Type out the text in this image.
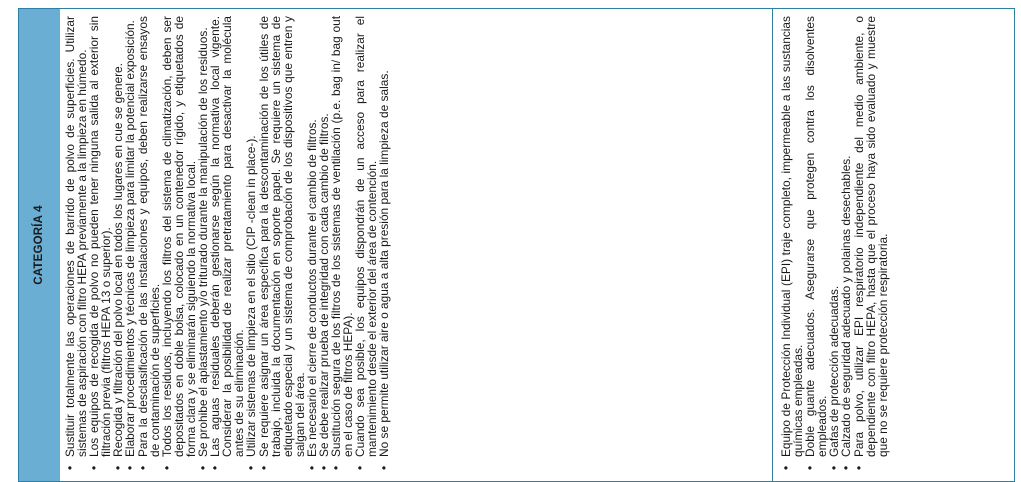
CATEGORÍA 4 • Sustituir totalmente las operaciones de barrido de polvo de superficies. Utilizar sistemas de aspiración con filtro HEPA previamente a la limpieza en húmedo.
• Los equipos de recogida de polvo no pueden tener ninguna salida al exterior sin filtración previa (filtros HEPA 13 o superior).
• Recogida y filtración del polvo local en todos los lugares en cue se genere.
• Elaborar procedimientos y técnicas de limpieza para limitar la potencial exposición.
• Para la desclasificación de las instalaciones y equipos, deben realizarse ensayos de contaminación de superficies.
• Todos los residuos, incluyendo los filtros del sistema de climatización, deben ser depositados en doble bolsa, colocado en un contenedor rígido, y etiquetados de forma clara y se eliminarán siguiendo la normativa local.
• Se prohibe el aplastamiento y/o triturado durante la manipulación de los residuos.
• Las aguas residuales deberán gestionarse según la normativa local vigente. Considerar la posibilidad de realizar pretratamiento para desactivar la molécula antes de su eliminación.
• Utilizar sistemas de limpieza en el sitio (CIP -clean in place-).
• Se requiere asignar un área específica para la descontaminación de los útiles de trabajo, incluida la documentación en soporte papel. Se requiere un sistema de etiquetado especial y un sistema de comprobación de los dispositivos que entren y salgan del área.
• Es necesario el cierre de conductos durante el cambio de filtros.
• Se debe realizar prueba de integridad con cada cambio de filtros.
• Sustitución segura de los filtros de los sistemas de ventilación (p.e. bag in/ bag out en el caso de filtros HEPA).
• Cuando sea posible, los equipos dispondrán de un acceso para realizar el mantenimiento desde el exterior del área de contención.
• No se permite utilizar aire o agua a alta presión para la limpieza de salas.	• Equipo de Protección Individual (EPI) traje completo, impermeable a las sustancias químicas empleadas.
• Doble guante adecuados. Asegurarse que protegen contra los disolventes empleados.
• Gafas de protección adecuadas.
• Calzado de seguridad adecuado y polainas desechables.
• Para polvo, utilizar EPI respiratorio independiente del medio ambiente, o dependiente con filtro HEPA, hasta que el proceso haya sido evaluado y muestre que no se requiere protección respiratoria.
